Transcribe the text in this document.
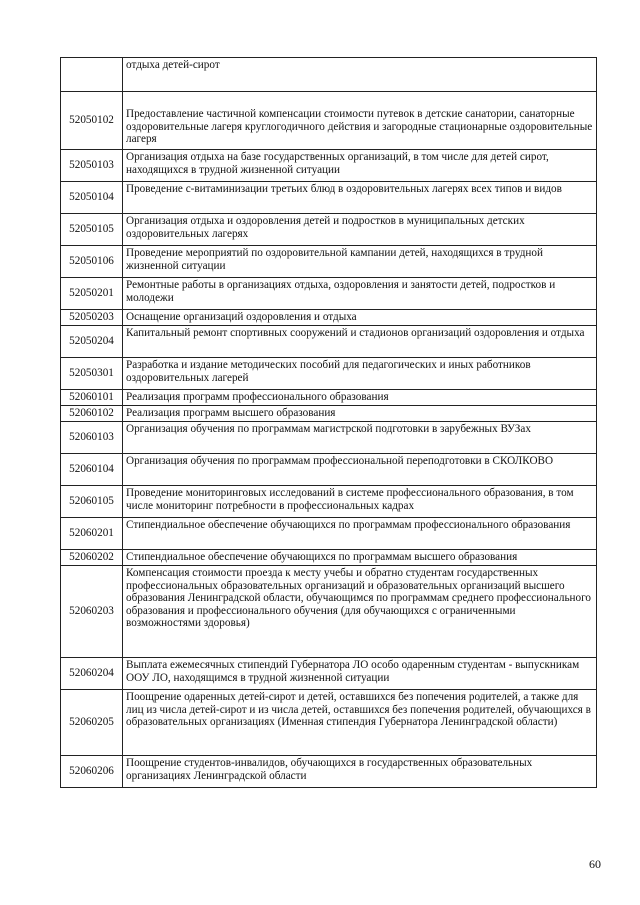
	отдыха детей-сирот
52050102	Предоставление частичной компенсации стоимости путевок в детские санатории, санаторные оздоровительные лагеря круглогодичного действия и загородные стационарные оздоровительные лагеря
52050103	Организация отдыха на базе государственных организаций, в том числе для детей сирот, находящихся в трудной жизненной ситуации
52050104	Проведение с-витаминизации третьих блюд в оздоровительных лагерях всех типов и видов
52050105	Организация отдыха и оздоровления детей и подростков в муниципальных детских оздоровительных лагерях
52050106	Проведение мероприятий по оздоровительной кампании детей, находящихся в трудной жизненной ситуации
52050201	Ремонтные работы в организациях отдыха, оздоровления и занятости детей, подростков и молодежи
52050203	Оснащение организаций оздоровления и отдыха
52050204	Капитальный ремонт спортивных сооружений и стадионов организаций оздоровления и отдыха
52050301	Разработка и издание методических пособий для педагогических и иных работников оздоровительных лагерей
52060101	Реализация программ профессионального образования
52060102	Реализация программ высшего образования
52060103	Организация обучения по программам магистрской подготовки в зарубежных ВУЗах
52060104	Организация обучения по программам профессиональной переподготовки в СКОЛКОВО
52060105	Проведение мониторинговых исследований в системе профессионального образования, в том числе мониторинг потребности в профессиональных кадрах
52060201	Стипендиальное обеспечение обучающихся по программам профессионального образования
52060202	Стипендиальное обеспечение обучающихся по программам высшего образования
52060203	Компенсация стоимости проезда к месту учебы и обратно студентам государственных профессиональных образовательных организаций и образовательных организаций высшего образования Ленинградской области, обучающимся по программам среднего профессионального образования и профессионального обучения (для обучающихся с ограниченными возможностями здоровья)
52060204	Выплата ежемесячных стипендий Губернатора ЛО особо одаренным студентам - выпускникам ООУ ЛО, находящимся в трудной жизненной ситуации
52060205	Поощрение одаренных детей-сирот и детей, оставшихся без попечения родителей, а также для лиц из числа детей-сирот и из числа детей, оставшихся без попечения родителей, обучающихся в образовательных организациях (Именная стипендия Губернатора Ленинградской области)
52060206	Поощрение студентов-инвалидов, обучающихся в государственных образовательных организациях Ленинградской области
60
